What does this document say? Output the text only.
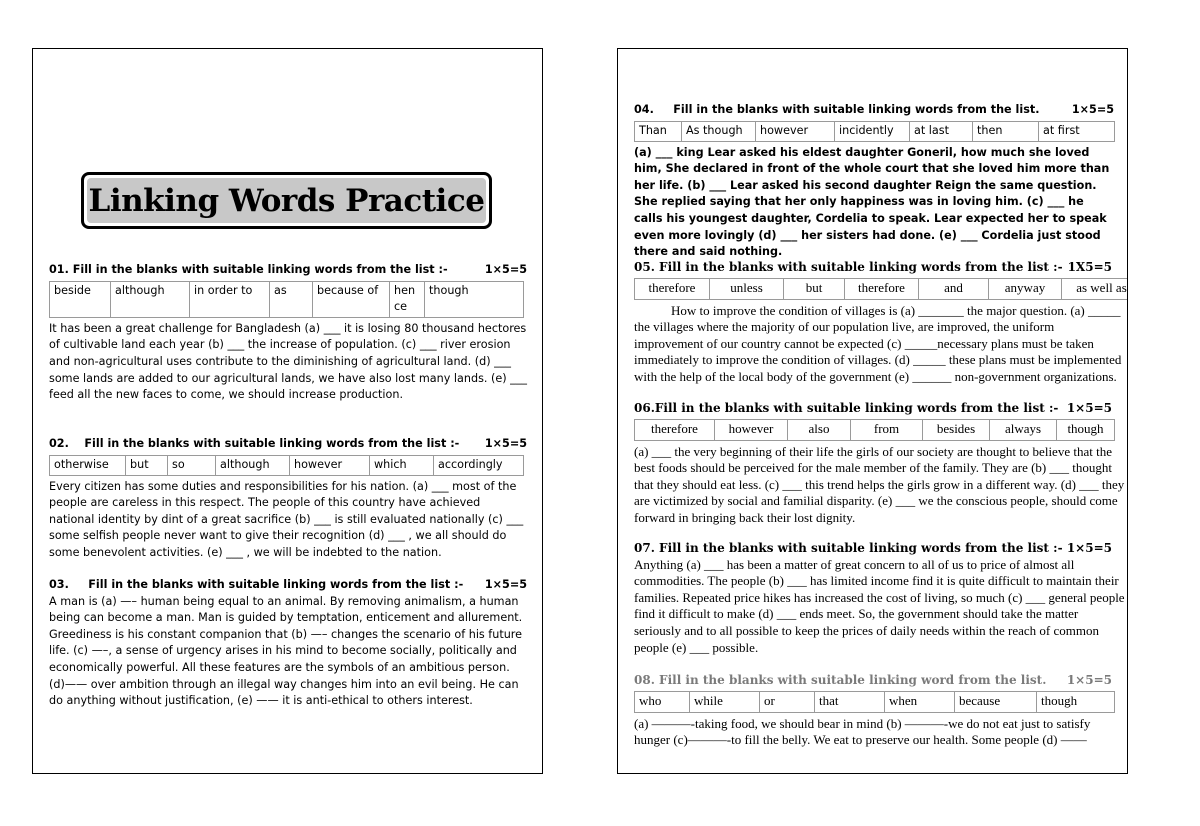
Linking Words Practice
01. Fill in the blanks with suitable linking words from the list :-	1×5=5
beside	although	in order to	as	because of	hence	though

It has been a great challenge for Bangladesh (a) ___ it is losing 80 thousand hectores of cultivable land each year (b) ___ the increase of population. (c) ___ river erosion and non-agricultural uses contribute to the diminishing of agricultural land. (d) ___ some lands are added to our agricultural lands, we have also lost many lands. (e) ___ feed all the new faces to come, we should increase production.

02.    Fill in the blanks with suitable linking words from the list :- 1×5=5
otherwise	but	so	although	however	which	accordingly

Every citizen has some duties and responsibilities for his nation. (a) ___ most of the people are careless in this respect. The people of this country have achieved national identity by dint of a great sacrifice (b) ___ is still evaluated nationally (c) ___ some selfish people never want to give their recognition (d) ___ , we all should do some benevolent activities. (e) ___ , we will be indebted to the nation.

03.     Fill in the blanks with suitable linking words from the list :- 1×5=5

A man is (a) —– human being equal to an animal. By removing animalism, a human being can become a man. Man is guided by temptation, enticement and allurement. Greediness is his constant companion that (b) —– changes the scenario of his future life. (c) —–, a sense of urgency arises in his mind to become socially, politically and economically powerful. All these features are the symbols of an ambitious person. (d)—— over ambition through an illegal way changes him into an evil being. He can do anything without justification, (e) —— it is anti-ethical to others interest.

04.     Fill in the blanks with suitable linking words from the list.	1×5=5
Than	As though	however	incidently	at last	then	at first

(a) ___ king Lear asked his eldest daughter Goneril, how much she loved him, She declared in front of the whole court that she loved him more than her life. (b) ___ Lear asked his second daughter Reign the same question. She replied saying that her only happiness was in loving him. (c) ___ he calls his youngest daughter, Cordelia to speak. Lear expected her to speak even more lovingly (d) ___ her sisters had done. (e) ___ Cordelia just stood there and said nothing.

05. Fill in the blanks with suitable linking words from the list :- 1X5=5
therefore	unless	but	therefore	and	anyway	as well as

How to improve the condition of villages is (a) _______ the major question. (a) _____ the villages where the majority of our population live, are improved, the uniform improvement of our country cannot be expected (c) _____necessary plans must be taken immediately to improve the condition of villages. (d) _____ these plans must be implemented with the help of the local body of the government (e) ______ non-government organizations.

06.Fill in the blanks with suitable linking words from the list :- 1×5=5
therefore	however	also	from	besides	always	though

(a) ___ the very beginning of their life the girls of our society are thought to believe that the best foods should be perceived for the male member of the family. They are (b) ___ thought that they should eat less. (c) ___ this trend helps the girls grow in a different way. (d) ___ they are victimized by social and familial disparity. (e) ___ we the conscious people, should come forward in bringing back their lost dignity.

07. Fill in the blanks with suitable linking words from the list :- 1×5=5

Anything (a) ___ has been a matter of great concern to all of us to price of almost all commodities. The people (b) ___ has limited income find it is quite difficult to maintain their families. Repeated price hikes has increased the cost of living, so much (c) ___ general people find it difficult to make (d) ___ ends meet. So, the government should take the matter seriously and to all possible to keep the prices of daily needs within the reach of common people (e) ___ possible.

08. Fill in the blanks with suitable linking word from the list. 1×5=5
who	while	or	that	when	because	though

(a) ———-taking food, we should bear in mind (b) ———-we do not eat just to satisfy hunger (c)———-to fill the belly. We eat to preserve our health. Some people (d) ——
